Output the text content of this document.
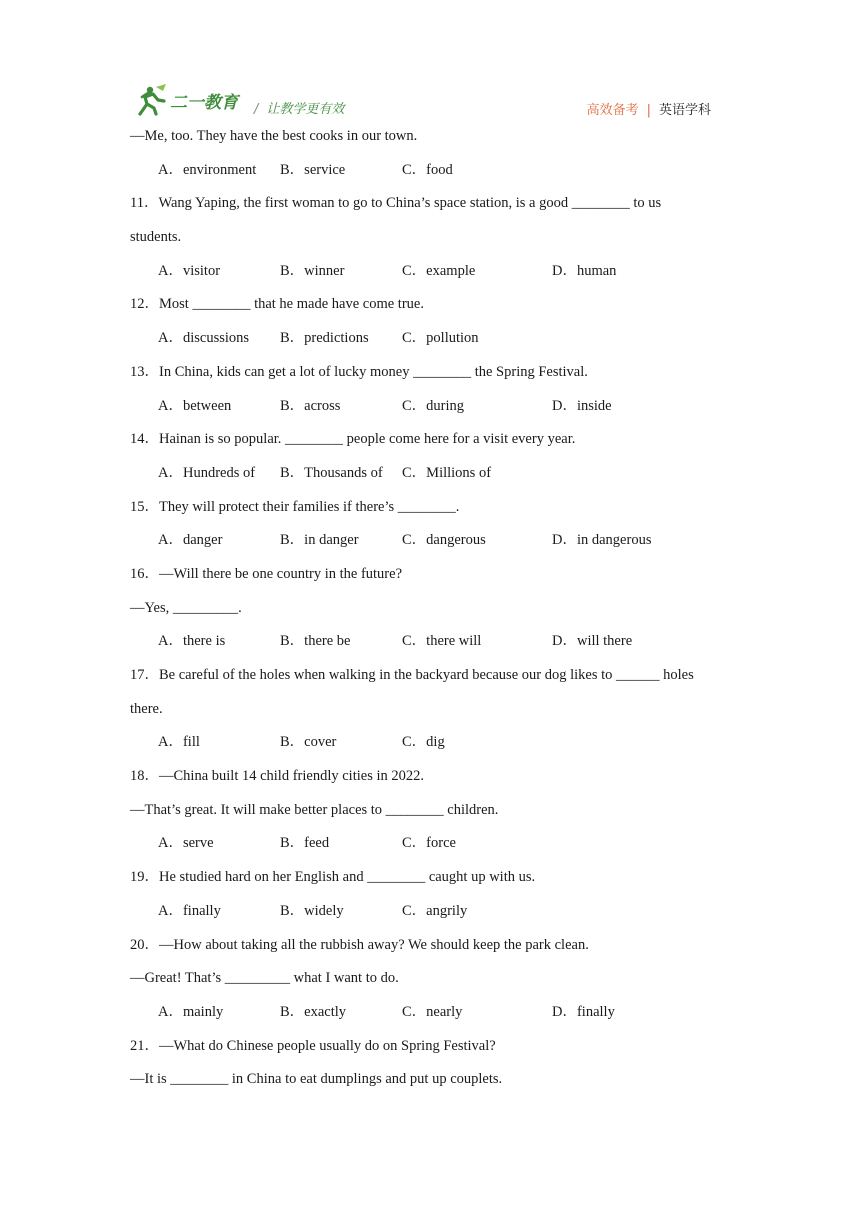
二一教育 / 让教学更有效	高效备考 | 英语学科
—Me, too. They have the best cooks in our town.
A．environment B．service	C．food
11．Wang Yaping, the first woman to go to China’s space station, is a good ________ to us
students.
A．visitor	B．winner	C．example	D．human
12．Most ________ that he made have come true.
A．discussions B．predictions C．pollution
13．In China, kids can get a lot of lucky money ________ the Spring Festival.
A．between	B．across	C．during	D．inside
14．Hainan is so popular. ________ people come here for a visit every year.
A．Hundreds of B．Thousands of C．Millions of
15．They will protect their families if there’s ________.
A．danger	B．in danger	C．dangerous	D．in dangerous
16．—Will there be one country in the future?
—Yes, _________.
A．there is	B．there be	C．there will	D．will there
17．Be careful of the holes when walking in the backyard because our dog likes to ______ holes
there.
A．fill	B．cover	C．dig
18．—China built 14 child friendly cities in 2022.
—That’s great. It will make better places to ________ children.
A．serve	B．feed	C．force
19．He studied hard on her English and ________ caught up with us.
A．finally	B．widely	C．angrily
20．—How about taking all the rubbish away? We should keep the park clean.
—Great! That’s _________ what I want to do.
A．mainly	B．exactly	C．nearly	D．finally
21．—What do Chinese people usually do on Spring Festival?
—It is ________ in China to eat dumplings and put up couplets.
